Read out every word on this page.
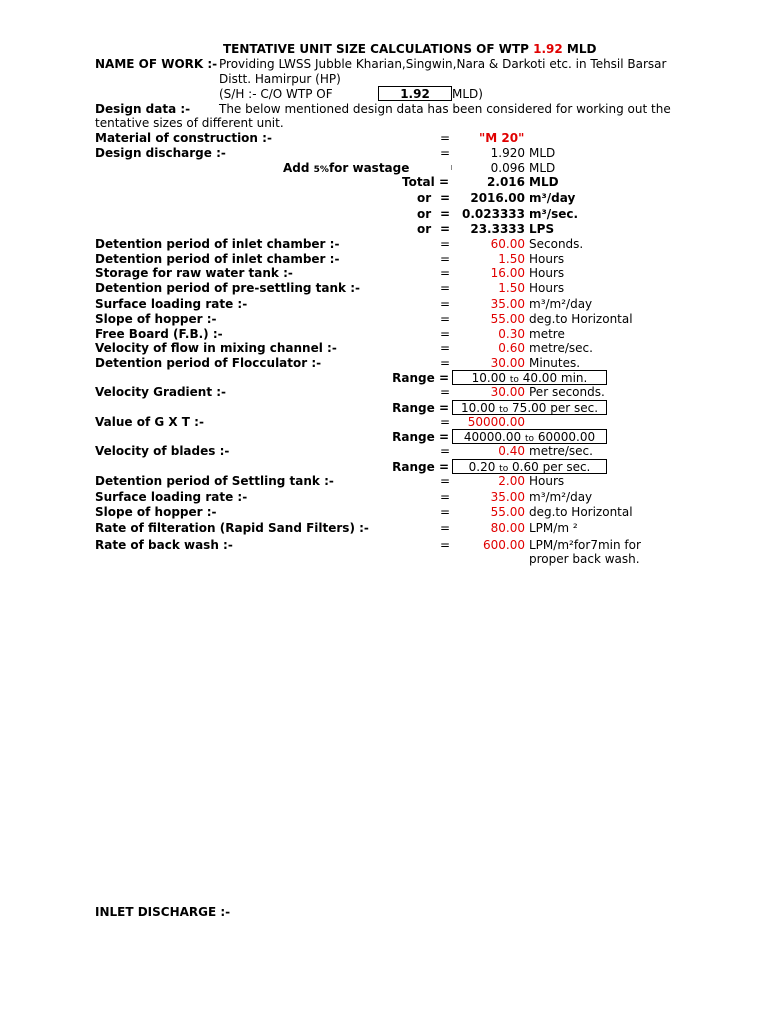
TENTATIVE UNIT SIZE CALCULATIONS OF WTP 1.92 MLD
NAME OF WORK :- Providing LWSS Jubble Kharian,Singwin,Nara & Darkoti etc. in Tehsil Barsar
Distt. Hamirpur (HP)
(S/H :- C/O WTP OF	1.92	MLD)
Design data :- The below mentioned design data has been considered for working out the
tentative sizes of different unit.
Material of construction :-	= "M 20"
Design discharge :-	=	1.920 MLD
Add 5%for wastage	0.096 MLD
Total =	2.016 MLD
or =	2016.00 m³/day
or = 0.023333 m³/sec.
or =	23.3333 LPS
Detention period of inlet chamber :-	=	60.00 Seconds.
Detention period of inlet chamber :-	=	1.50 Hours
Storage for raw water tank :-	=	16.00 Hours
Detention period of pre-settling tank :-	=	1.50 Hours
Surface loading rate :-	=	35.00 m³/m²/day
Slope of hopper :-	=	55.00 deg.to Horizontal
Free Board (F.B.) :-	=	0.30 metre
Velocity of flow in mixing channel :-	=	0.60 metre/sec.
Detention period of Flocculator :-	=	30.00 Minutes.
Range =	10.00 to 40.00 min.
Velocity Gradient :-	=	30.00 Per seconds.
Range = 10.00 to 75.00 per sec.
Value of G X T :-	=	50000.00
Range =	40000.00 to 60000.00
Velocity of blades :-	=	0.40 metre/sec.
Range =	0.20 to 0.60 per sec.
Detention period of Settling tank :-	=	2.00 Hours
Surface loading rate :-	=	35.00 m³/m²/day
Slope of hopper :-	=	55.00 deg.to Horizontal
Rate of filteration (Rapid Sand Filters) :-	=	80.00 LPM/m ²
Rate of back wash :-	=	600.00 LPM/m²for7min for
proper back wash.
INLET DISCHARGE :-
